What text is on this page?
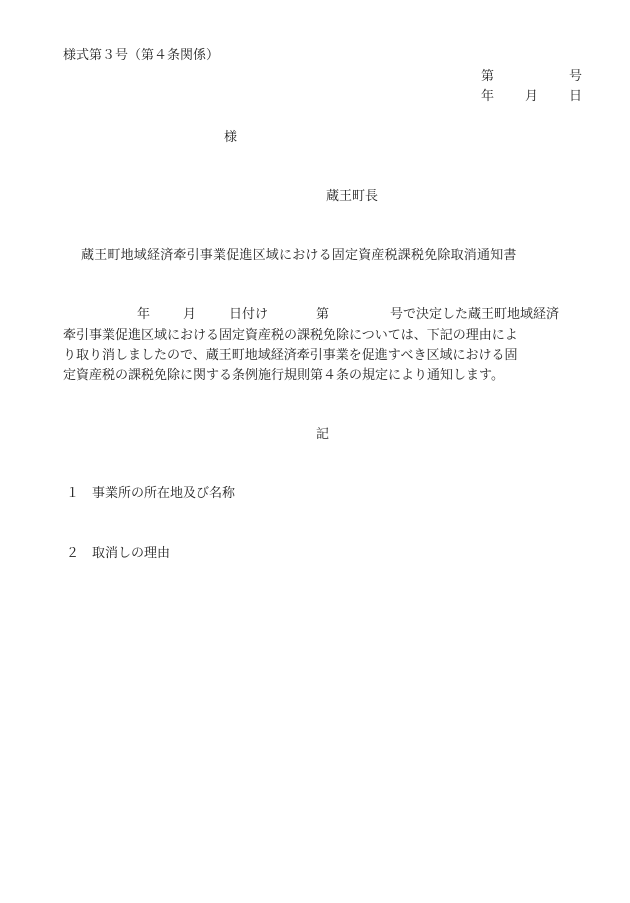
様式第３号（第４条関係）
第	号
年 月 日
様
蔵王町長
蔵王町地域経済牽引事業促進区域における固定資産税課税免除取消通知書
年	月	日付け	第	号で決定した蔵王町地域経済
牽引事業促進区域における固定資産税の課税免除については、下記の理由によ
り取り消しましたので、蔵王町地域経済牽引事業を促進すべき区域における固
定資産税の課税免除に関する条例施行規則第４条の規定により通知します。
記
１ 事業所の所在地及び名称
２ 取消しの理由
